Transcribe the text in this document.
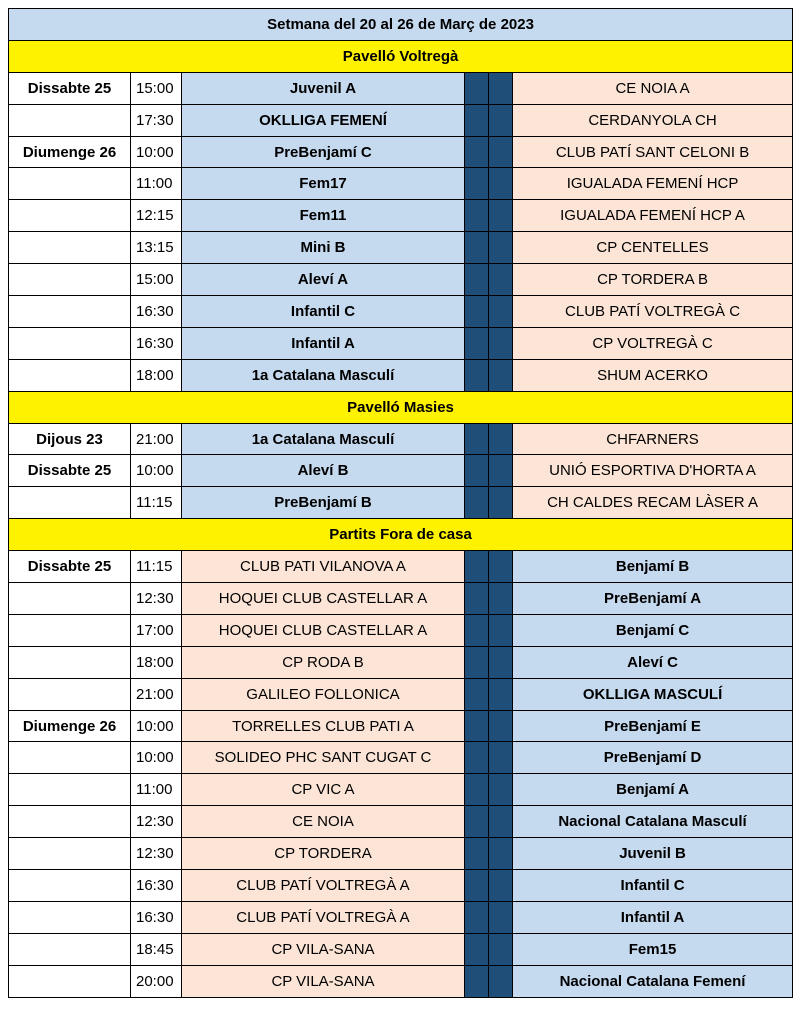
Setmana del 20 al 26 de Març de 2023					
Pavelló Voltregà					
Dissabte 25	15:00	Juvenil A			CE NOIA A
	17:30	OKLLIGA FEMENÍ			CERDANYOLA CH
Diumenge 26	10:00	PreBenjamí C			CLUB PATÍ SANT CELONI B
	11:00	Fem17			IGUALADA FEMENÍ HCP
	12:15	Fem11			IGUALADA FEMENÍ HCP A
	13:15	Mini B			CP CENTELLES
	15:00	Aleví A			CP TORDERA B
	16:30	Infantil C			CLUB PATÍ VOLTREGÀ C
	16:30	Infantil A			CP VOLTREGÀ C
	18:00	1a Catalana Masculí			SHUM ACERKO
Pavelló Masies					
Dijous 23	21:00	1a Catalana Masculí			CHFARNERS
Dissabte 25	10:00	Aleví B			UNIÓ ESPORTIVA D'HORTA A
	11:15	PreBenjamí B			CH CALDES RECAM LÀSER A
Partits Fora de casa					
Dissabte 25	11:15	CLUB PATI VILANOVA A			Benjamí B
	12:30	HOQUEI CLUB CASTELLAR A			PreBenjamí A
	17:00	HOQUEI CLUB CASTELLAR A			Benjamí C
	18:00	CP RODA B			Aleví C
	21:00	GALILEO FOLLONICA			OKLLIGA MASCULÍ
Diumenge 26	10:00	TORRELLES CLUB PATI A			PreBenjamí E
	10:00	SOLIDEO PHC SANT CUGAT C			PreBenjamí D
	11:00	CP VIC A			Benjamí A
	12:30	CE NOIA			Nacional Catalana Masculí
	12:30	CP TORDERA			Juvenil B
	16:30	CLUB PATÍ VOLTREGÀ A			Infantil C
	16:30	CLUB PATÍ VOLTREGÀ A			Infantil A
	18:45	CP VILA-SANA			Fem15
	20:00	CP VILA-SANA			Nacional Catalana Femení
